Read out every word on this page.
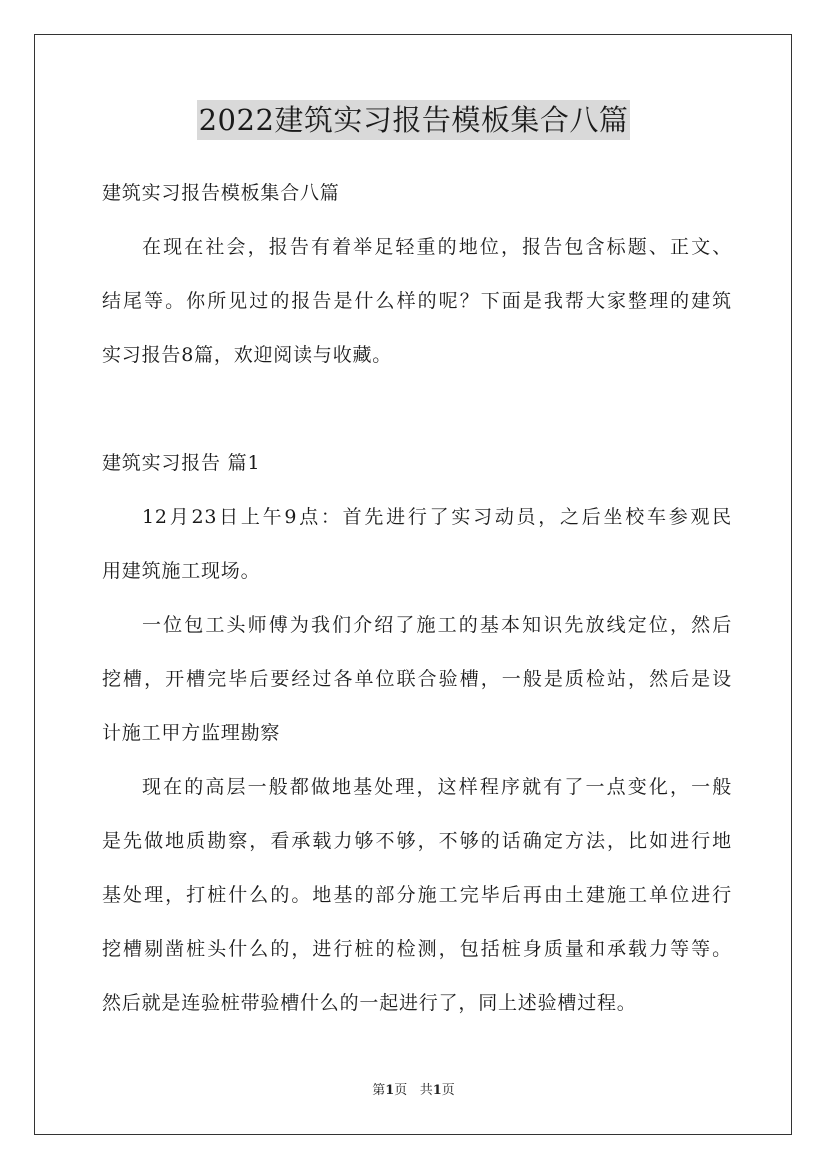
2022建筑实习报告模板集合八篇
建筑实习报告模板集合八篇
在现在社会，报告有着举足轻重的地位，报告包含标题、正文、
结尾等。你所见过的报告是什么样的呢？下面是我帮大家整理的建筑
实习报告8篇，欢迎阅读与收藏。
建筑实习报告 篇1
12月23日上午9点：首先进行了实习动员，之后坐校车参观民
用建筑施工现场。
一位包工头师傅为我们介绍了施工的基本知识先放线定位，然后
挖槽，开槽完毕后要经过各单位联合验槽，一般是质检站，然后是设
计施工甲方监理勘察
现在的高层一般都做地基处理，这样程序就有了一点变化，一般
是先做地质勘察，看承载力够不够，不够的话确定方法，比如进行地
基处理，打桩什么的。地基的部分施工完毕后再由土建施工单位进行
挖槽剔凿桩头什么的，进行桩的检测，包括桩身质量和承载力等等。
然后就是连验桩带验槽什么的一起进行了，同上述验槽过程。
第1页   共1页
